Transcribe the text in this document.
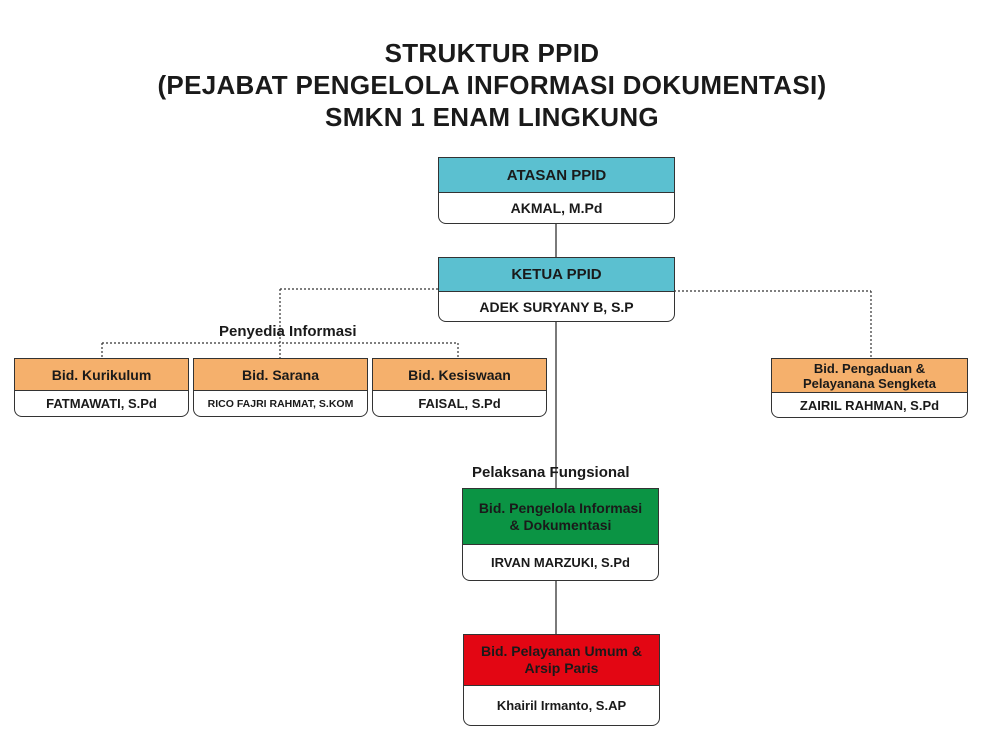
STRUKTUR PPID
(PEJABAT PENGELOLA INFORMASI DOKUMENTASI)
SMKN 1 ENAM LINGKUNG
ATASAN PPID
AKMAL, M.Pd
KETUA PPID
ADEK SURYANY B, S.P
Penyedia Informasi
Bid. Kurikulum
FATMAWATI, S.Pd
Bid. Sarana
RICO FAJRI RAHMAT, S.KOM
Bid. Kesiswaan
FAISAL, S.Pd
Bid. Pengaduan & Pelayanana Sengketa
ZAIRIL RAHMAN, S.Pd
Pelaksana Fungsional
Bid. Pengelola Informasi & Dokumentasi
IRVAN MARZUKI, S.Pd
Bid. Pelayanan Umum & Arsip Paris
Khairil Irmanto, S.AP
